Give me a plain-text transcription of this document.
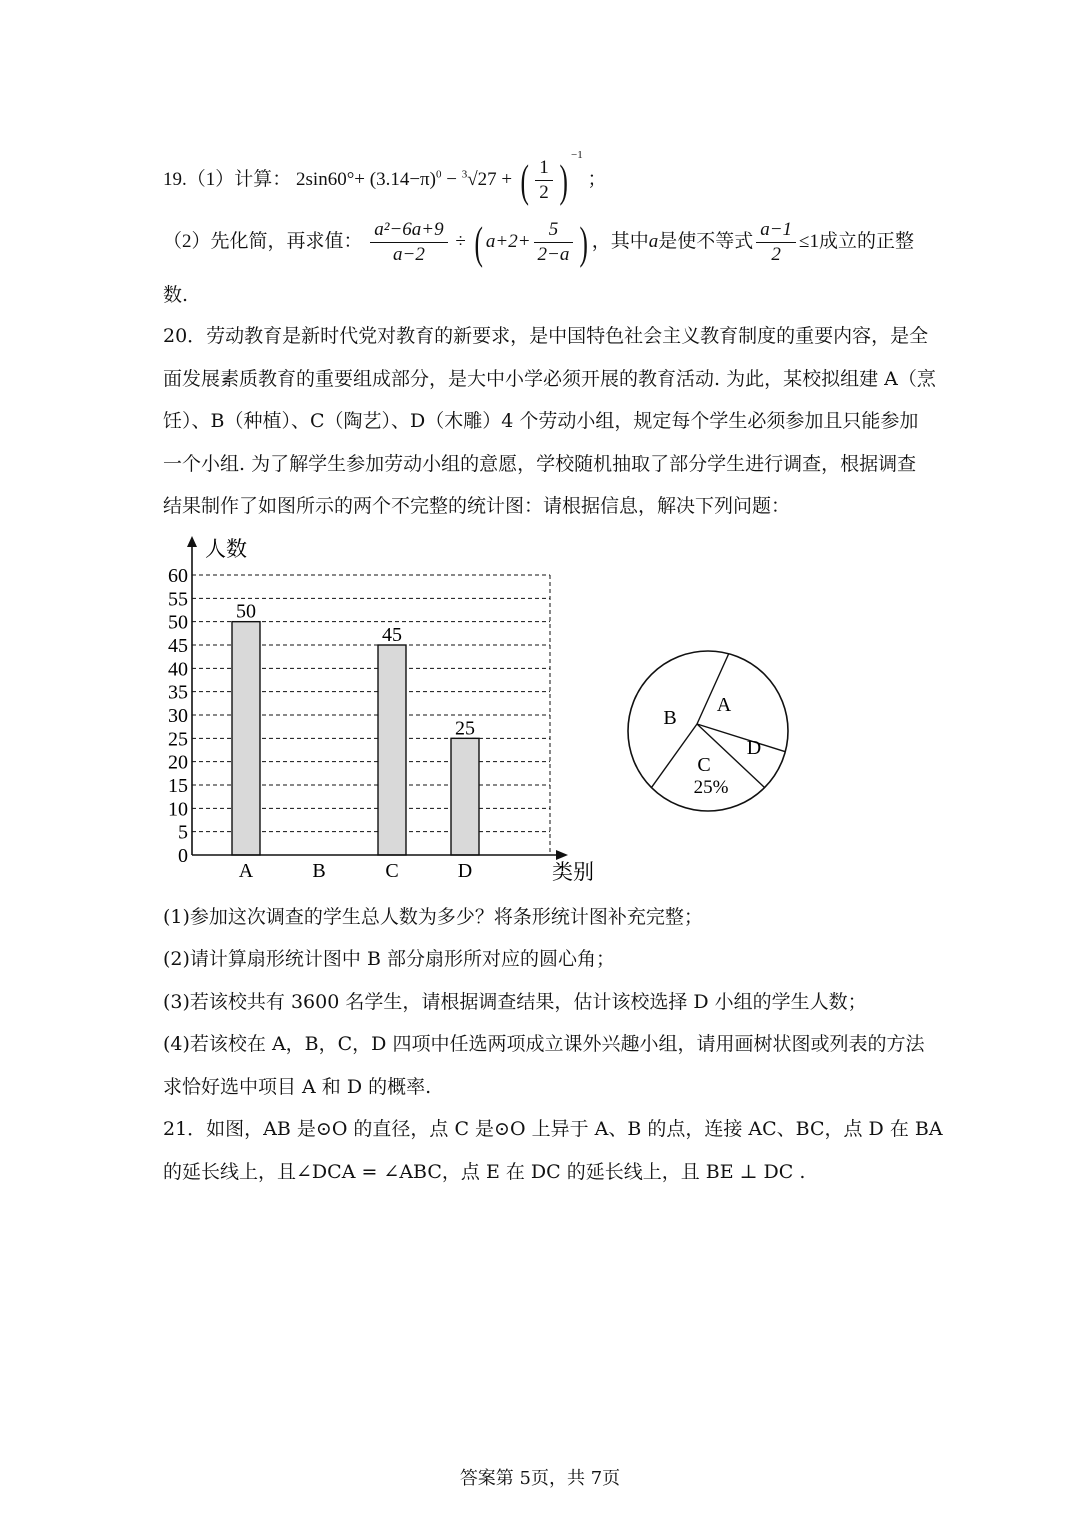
19.（1）计算： $2\sin 60^\circ+ (3.14-\pi)^0 - ^3√27$ + ( $\frac{1}{2}$ ) $^{-1}$ ；
（2）先化简，再求值： $\frac{\text{a²−6a+9}}{a-2}$ ÷ ( $a+2+ \frac{5}{2-a}$ ) ，其中a是使不等式 $\frac{a-1}{2} \le 1$成立的正整
数.
20．劳动教育是新时代党对教育的新要求，是中国特色社会主义教育制度的重要内容，是全
面发展素质教育的重要组成部分，是大中小学必须开展的教育活动. 为此，某校拟组建 A（烹
饪）、B（种植）、C（陶艺）、D（木雕）4 个劳动小组，规定每个学生必须参加且只能参加
一个小组. 为了解学生参加劳动小组的意愿，学校随机抽取了部分学生进行调查，根据调查
结果制作了如图所示的两个不完整的统计图：请根据信息，解决下列问题：
50
45
25
0
5
10
15
20
25
30
35
40
45
50
55
60
A	B	C	D
人数
类别
A
B
C
25%
D
(1)参加这次调查的学生总人数为多少？将条形统计图补充完整；
(2)请计算扇形统计图中 B 部分扇形所对应的圆心角；
(3)若该校共有 3600 名学生，请根据调查结果，估计该校选择 D 小组的学生人数；
(4)若该校在 A，B，C，D 四项中任选两项成立课外兴趣小组，请用画树状图或列表的方法
求恰好选中项目 A 和 D 的概率.
21．如图，AB 是⊙O 的直径，点 C 是⊙O 上异于 A、B 的点，连接 AC、BC，点 D 在 BA
的延长线上，且∠DCA = ∠ABC，点 E 在 DC 的延长线上，且 BE ⊥ DC .
答案第 5页，共 7页
